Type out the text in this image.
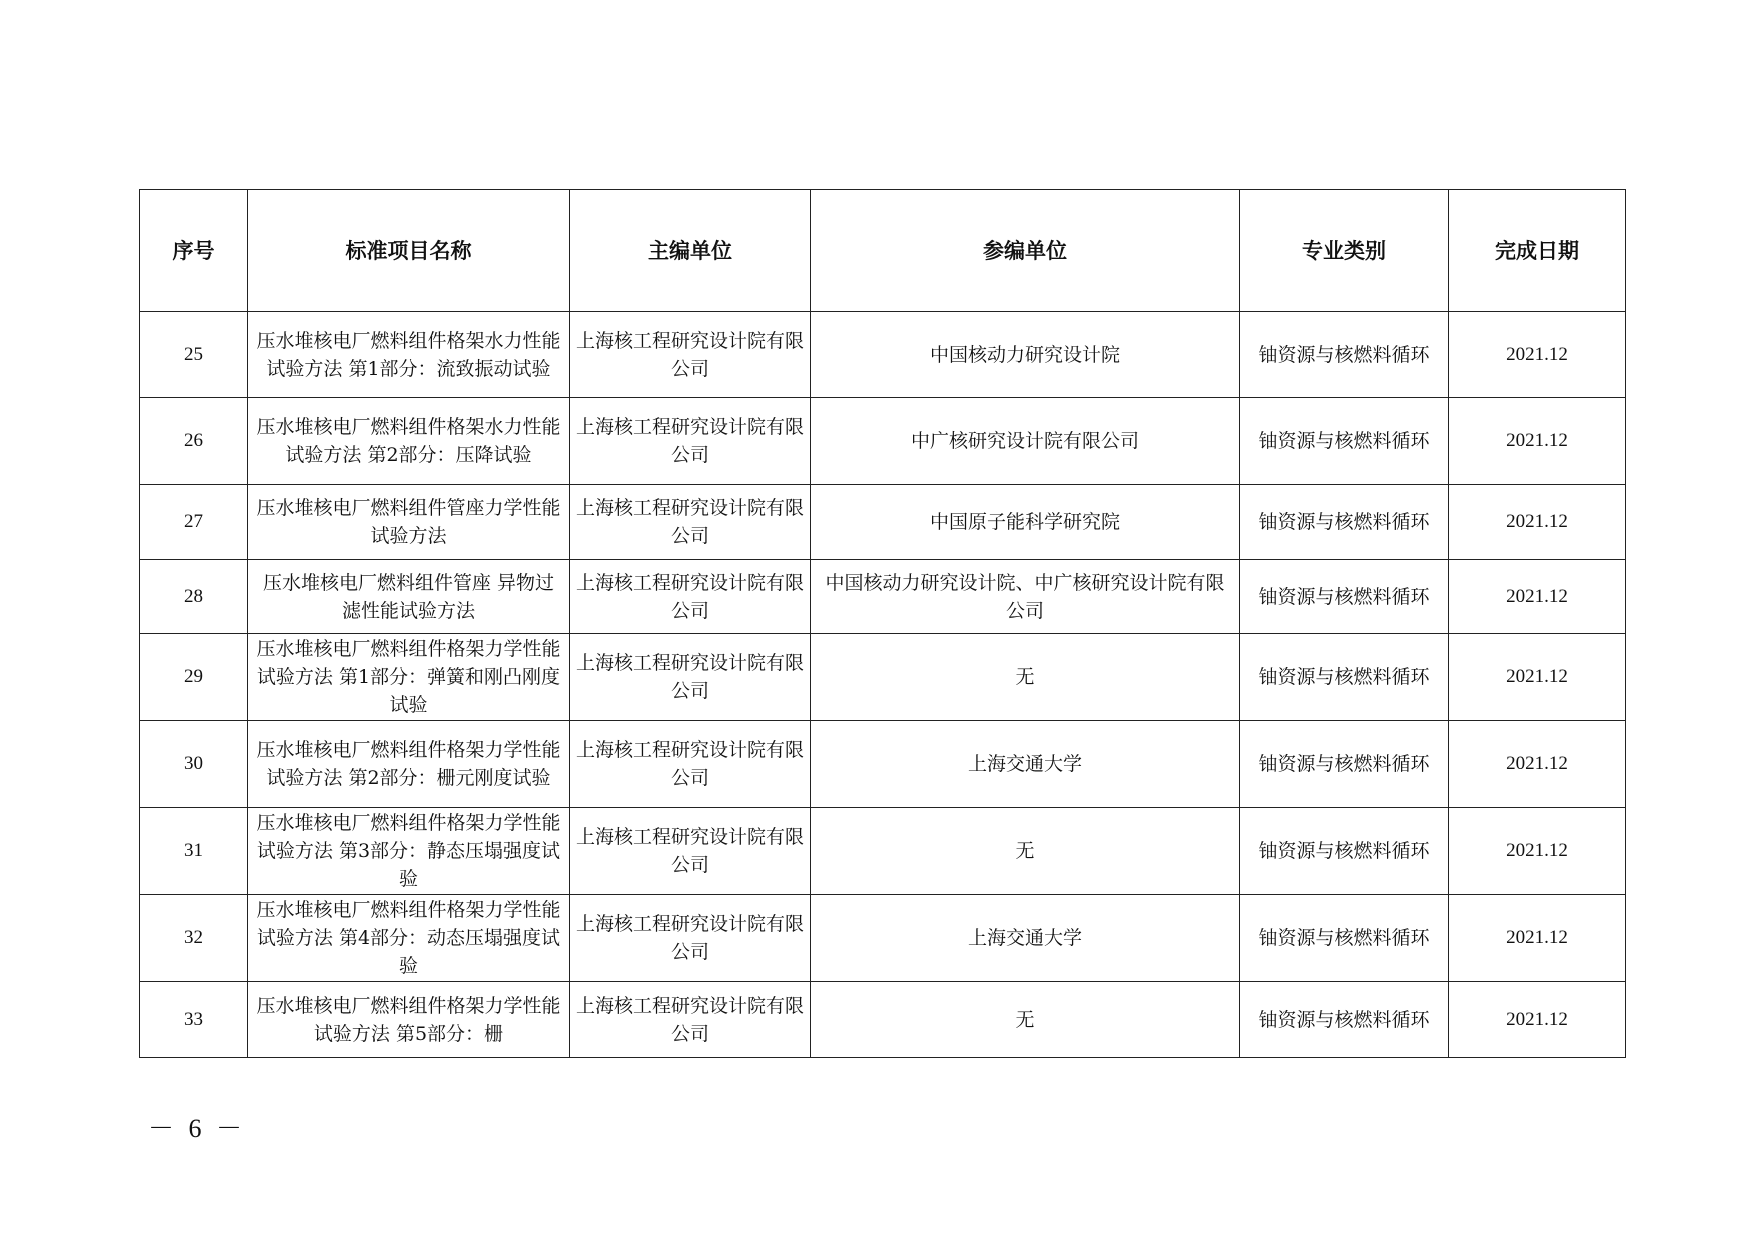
序号	标准项目名称	主编单位	参编单位	专业类别	完成日期
25	压水堆核电厂燃料组件格架水力性能试验方法 第1部分：流致振动试验	上海核工程研究设计院有限公司	中国核动力研究设计院	铀资源与核燃料循环	2021.12
26	压水堆核电厂燃料组件格架水力性能试验方法 第2部分：压降试验	上海核工程研究设计院有限公司	中广核研究设计院有限公司	铀资源与核燃料循环	2021.12
27	压水堆核电厂燃料组件管座力学性能试验方法	上海核工程研究设计院有限公司	中国原子能科学研究院	铀资源与核燃料循环	2021.12
28	压水堆核电厂燃料组件管座 异物过滤性能试验方法	上海核工程研究设计院有限公司	中国核动力研究设计院、中广核研究设计院有限公司	铀资源与核燃料循环	2021.12
29	压水堆核电厂燃料组件格架力学性能试验方法 第1部分：弹簧和刚凸刚度试验	上海核工程研究设计院有限公司	无	铀资源与核燃料循环	2021.12
30	压水堆核电厂燃料组件格架力学性能试验方法 第2部分：栅元刚度试验	上海核工程研究设计院有限公司	上海交通大学	铀资源与核燃料循环	2021.12
31	压水堆核电厂燃料组件格架力学性能试验方法 第3部分：静态压塌强度试验	上海核工程研究设计院有限公司	无	铀资源与核燃料循环	2021.12
32	压水堆核电厂燃料组件格架力学性能试验方法 第4部分：动态压塌强度试验	上海核工程研究设计院有限公司	上海交通大学	铀资源与核燃料循环	2021.12
33	压水堆核电厂燃料组件格架力学性能试验方法 第5部分：栅	上海核工程研究设计院有限公司	无	铀资源与核燃料循环	2021.12
－ 6 －
